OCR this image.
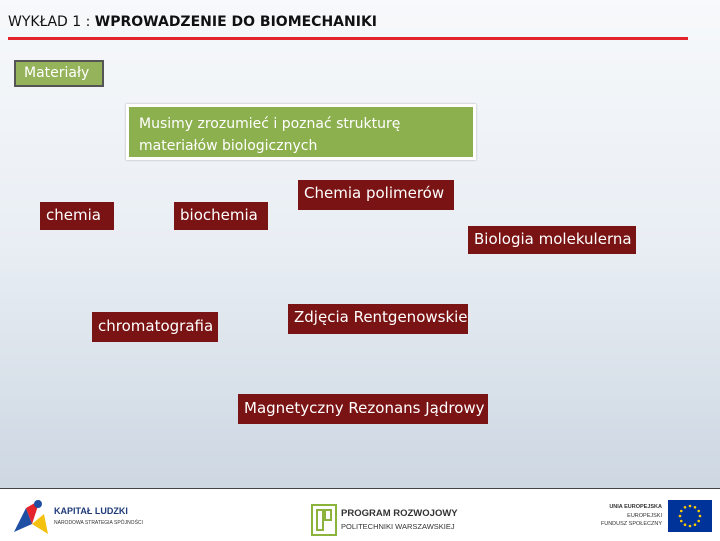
WYKŁAD 1 : WPROWADZENIE DO BIOMECHANIKI
Materiały
Musimy zrozumieć i poznać strukturę
materiałów biologicznych
chemia	biochemia
Chemia polimerów
Biologia molekulerna
chromatografia	Zdjęcia Rentgenowskie
Magnetyczny Rezonans Jądrowy
KAPITAŁ LUDZKI
NARODOWA STRATEGIA SPÓJNOŚCI
PROGRAM ROZWOJOWY
POLITECHNIKI WARSZAWSKIEJ
UNIA EUROPEJSKA
EUROPEJSKI
FUNDUSZ SPOŁECZNY
